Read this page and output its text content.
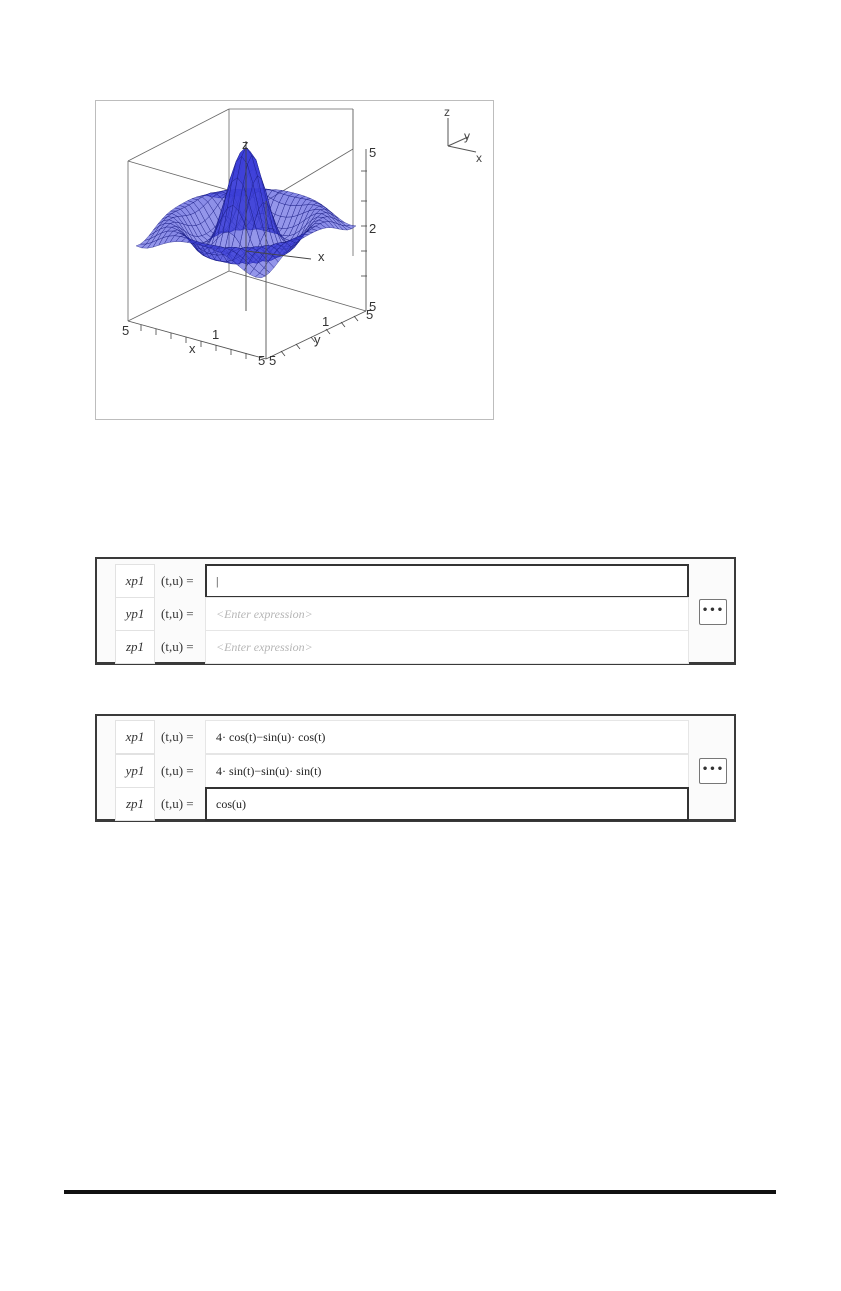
z
x
x
y
5
2
5
5	1
5 5
1	5
z
y
x
xp1	(t,u) =	|
yp1	(t,u) =	<Enter expression>
zp1	(t,u) =	<Enter expression>
•••
xp1	(t,u) =	4· cos(t)−sin(u)· cos(t)
yp1	(t,u) =	4· sin(t)−sin(u)· sin(t)
zp1	(t,u) =	cos(u)
•••
